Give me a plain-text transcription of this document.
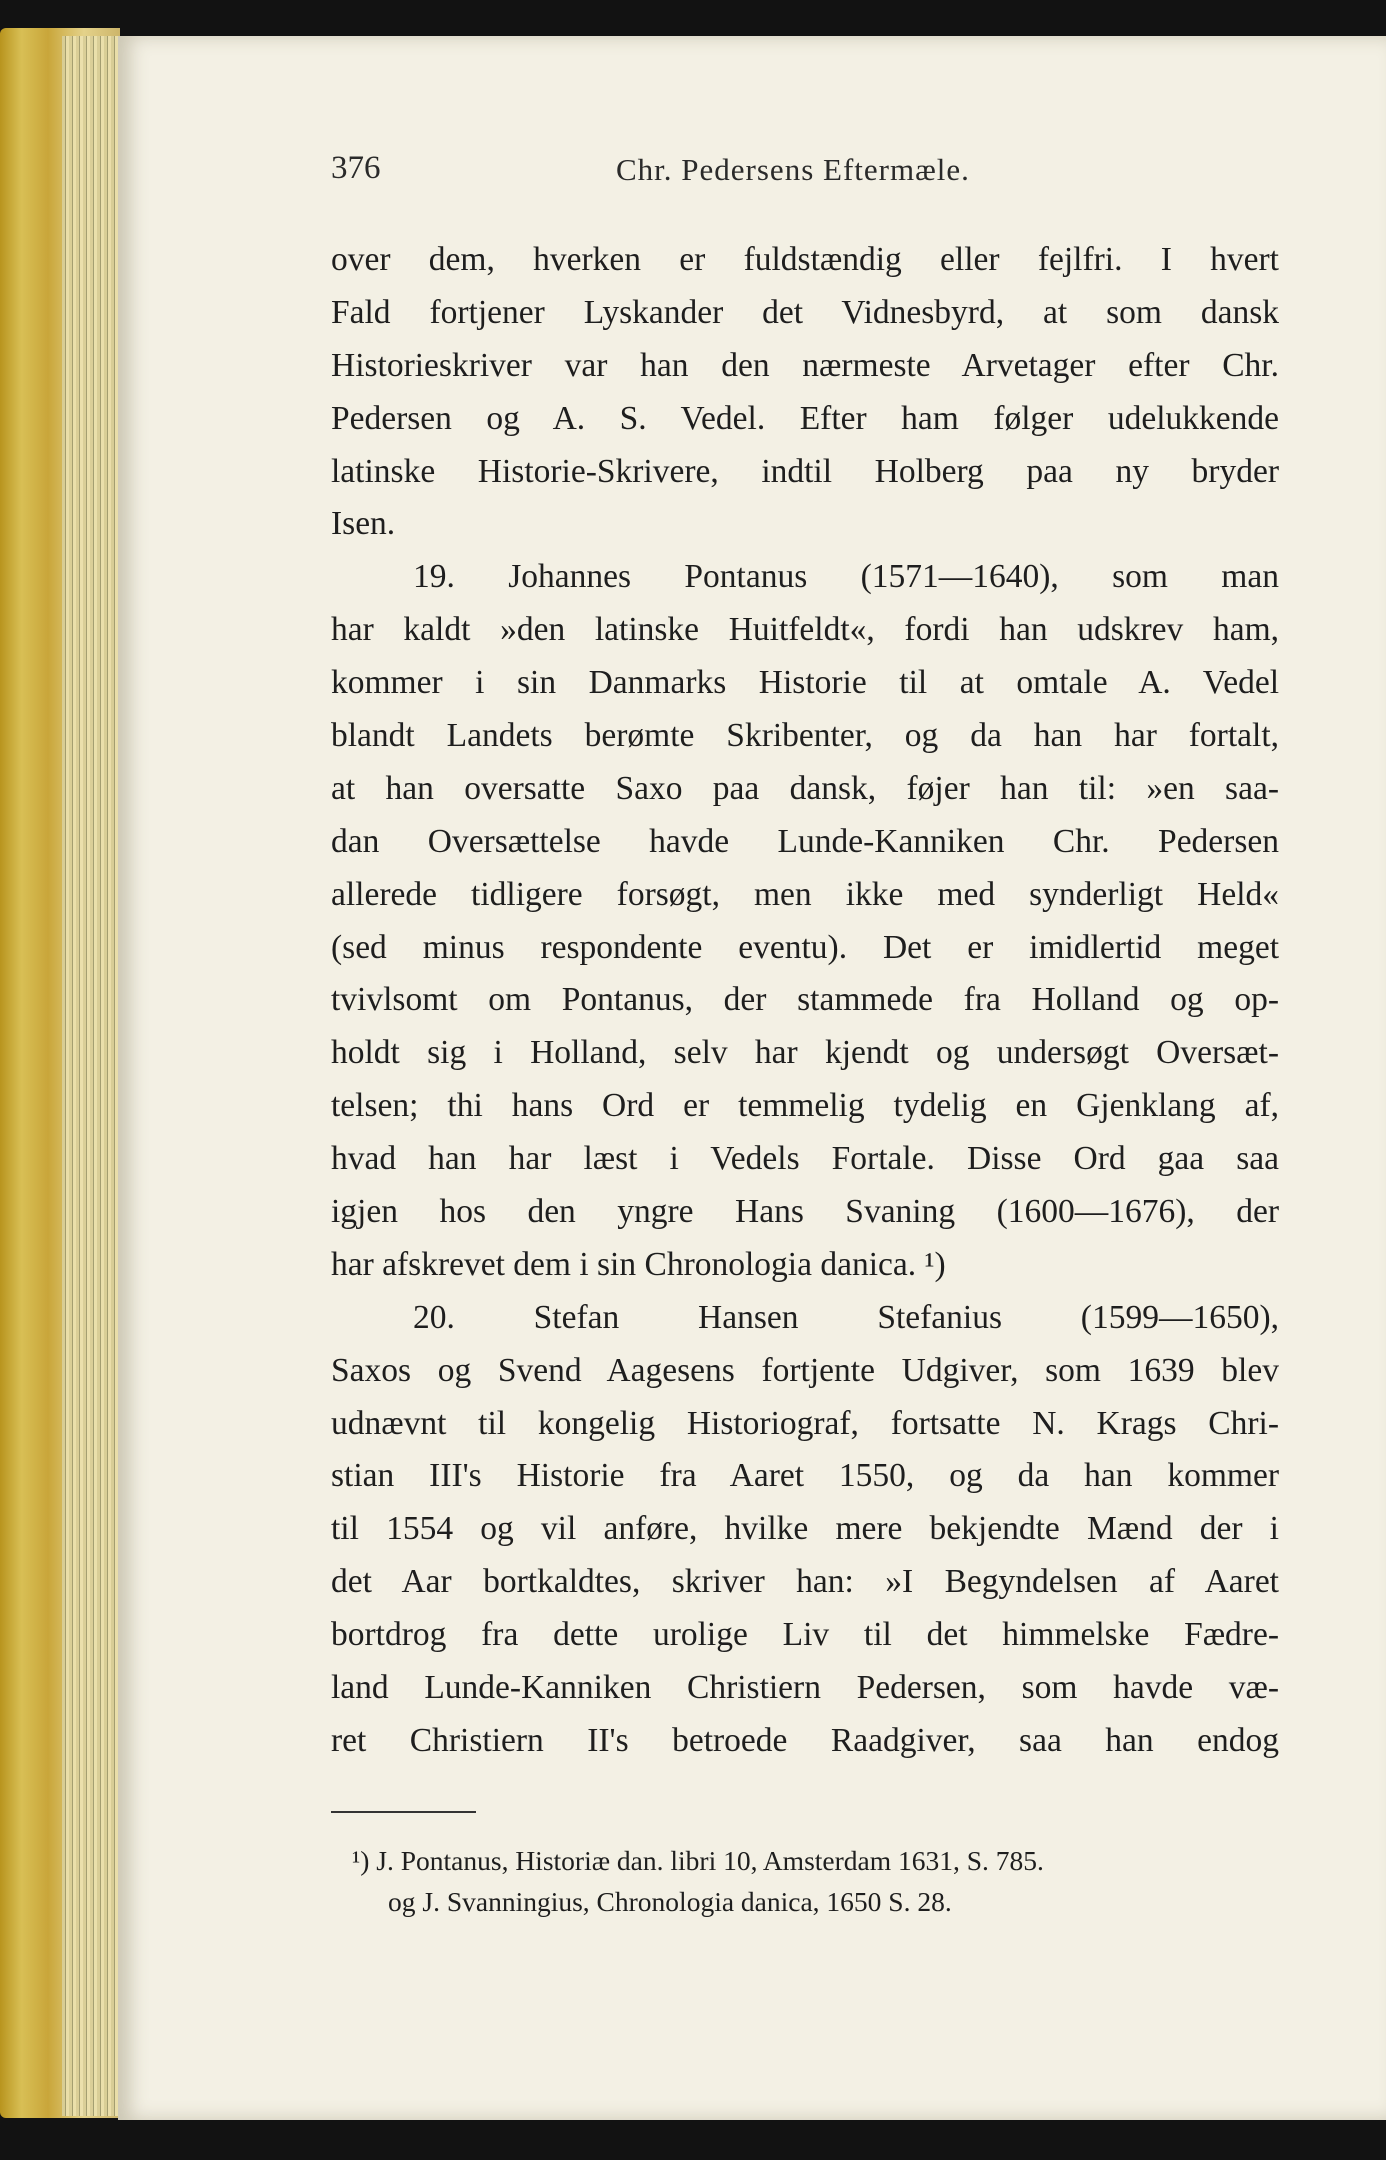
376	Chr. Pedersens Eftermæle.
over dem, hverken er fuldstændig eller fejlfri. I hvert
Fald fortjener Lyskander det Vidnesbyrd, at som dansk
Historieskriver var han den nærmeste Arvetager efter Chr.
Pedersen og A. S. Vedel. Efter ham følger udelukkende
latinske Historie-Skrivere, indtil Holberg paa ny bryder
Isen.
19. Johannes Pontanus (1571—1640), som man
har kaldt »den latinske Huitfeldt«, fordi han udskrev ham,
kommer i sin Danmarks Historie til at omtale A. Vedel
blandt Landets berømte Skribenter, og da han har fortalt,
at han oversatte Saxo paa dansk, føjer han til: »en saa-
dan Oversættelse havde Lunde-Kanniken Chr. Pedersen
allerede tidligere forsøgt, men ikke med synderligt Held«
(sed minus respondente eventu). Det er imidlertid meget
tvivlsomt om Pontanus, der stammede fra Holland og op-
holdt sig i Holland, selv har kjendt og undersøgt Oversæt-
telsen; thi hans Ord er temmelig tydelig en Gjenklang af,
hvad han har læst i Vedels Fortale. Disse Ord gaa saa
igjen hos den yngre Hans Svaning (1600—1676), der
har afskrevet dem i sin Chronologia danica. ¹)
20. Stefan Hansen Stefanius (1599—1650),
Saxos og Svend Aagesens fortjente Udgiver, som 1639 blev
udnævnt til kongelig Historiograf, fortsatte N. Krags Chri-
stian III's Historie fra Aaret 1550, og da han kommer
til 1554 og vil anføre, hvilke mere bekjendte Mænd der i
det Aar bortkaldtes, skriver han: »I Begyndelsen af Aaret
bortdrog fra dette urolige Liv til det himmelske Fædre-
land Lunde-Kanniken Christiern Pedersen, som havde væ-
ret Christiern II's betroede Raadgiver, saa han endog
¹) J. Pontanus, Historiæ dan. libri 10, Amsterdam 1631, S. 785.
og J. Svanningius, Chronologia danica, 1650 S. 28.
